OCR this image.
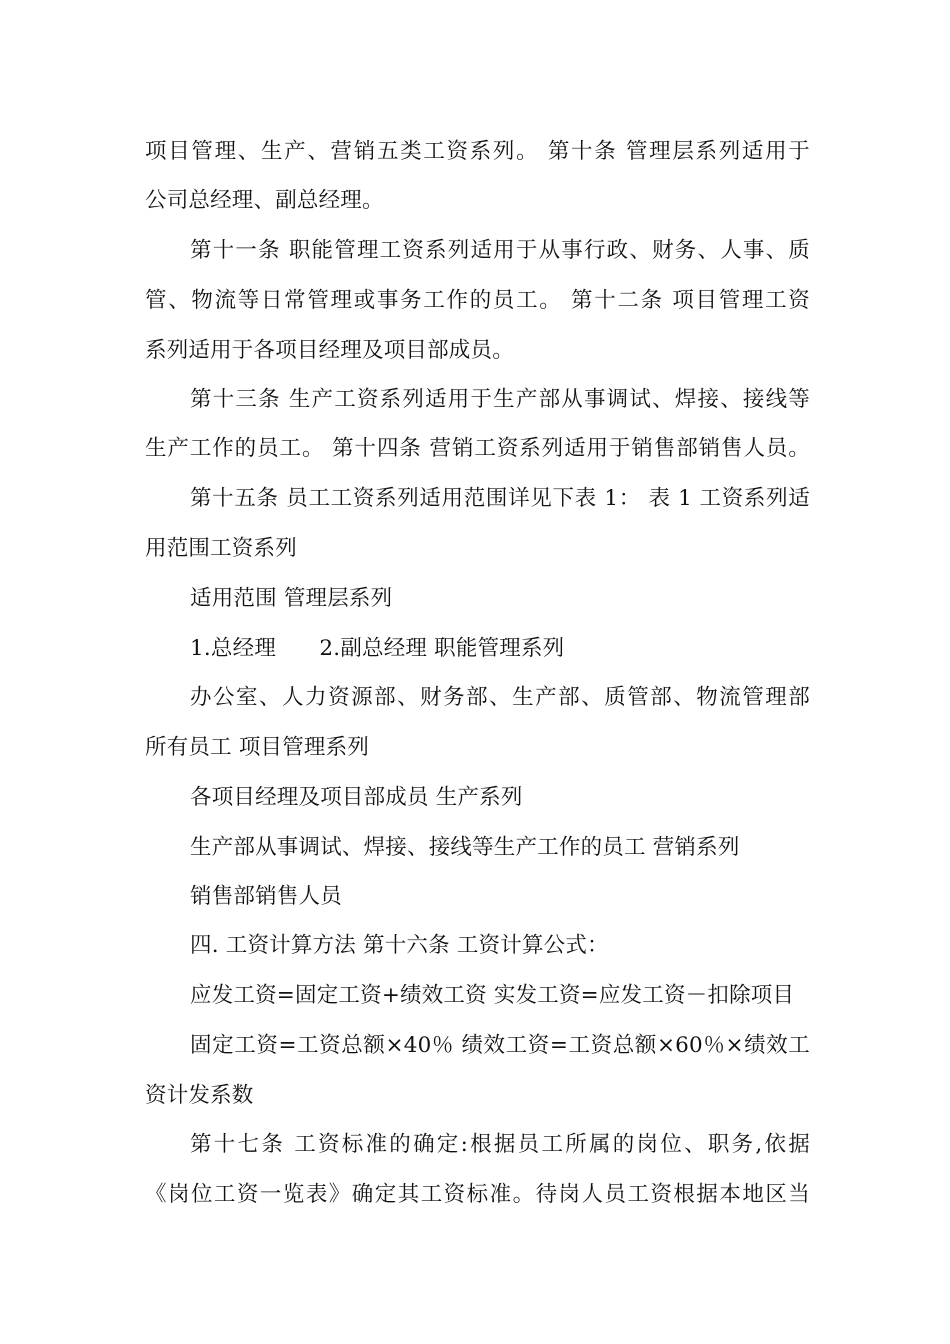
项目管理、生产、营销五类工资系列。 第十条 管理层系列适用于
公司总经理、副总经理。
第十一条 职能管理工资系列适用于从事行政、财务、人事、质
管、物流等日常管理或事务工作的员工。 第十二条 项目管理工资
系列适用于各项目经理及项目部成员。
第十三条 生产工资系列适用于生产部从事调试、焊接、接线等
生产工作的员工。 第十四条 营销工资系列适用于销售部销售人员。
第十五条 员工工资系列适用范围详见下表 1： 表 1 工资系列适
用范围工资系列
适用范围 管理层系列
1.总经理　　2.副总经理 职能管理系列
办公室、人力资源部、财务部、生产部、质管部、物流管理部
所有员工 项目管理系列
各项目经理及项目部成员 生产系列
生产部从事调试、焊接、接线等生产工作的员工 营销系列
销售部销售人员
四. 工资计算方法 第十六条 工资计算公式：
应发工资=固定工资+绩效工资 实发工资=应发工资－扣除项目
固定工资=工资总额×40％ 绩效工资=工资总额×60％×绩效工
资计发系数
第十七条 工资标准的确定:根据员工所属的岗位、职务,依据
《岗位工资一览表》确定其工资标准。待岗人员工资根据本地区当
